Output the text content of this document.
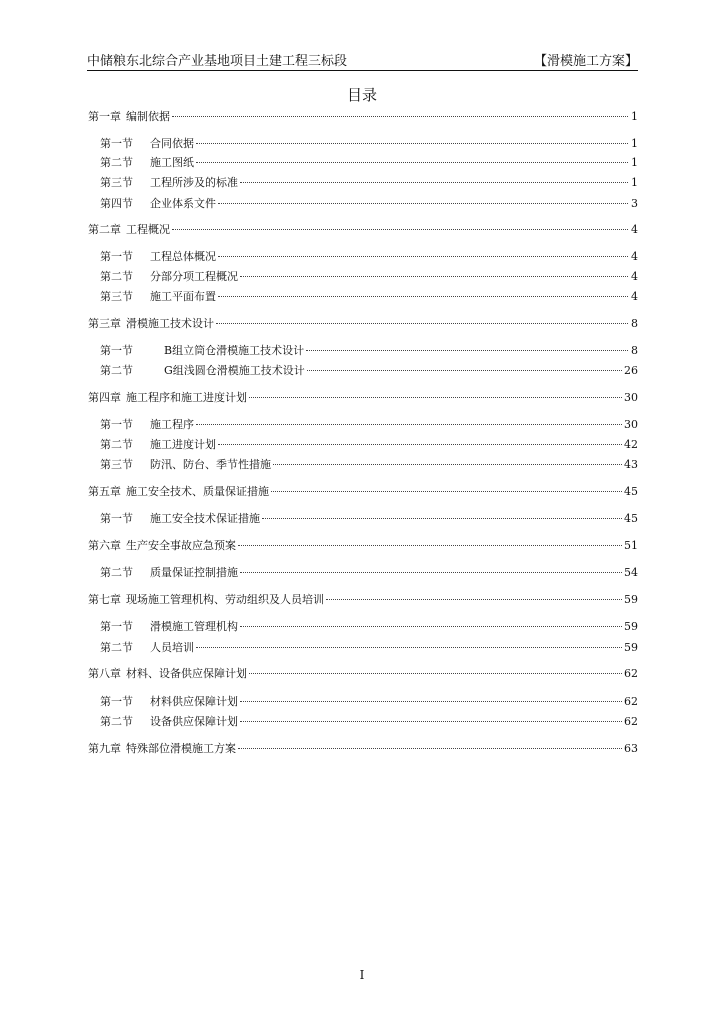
中储粮东北综合产业基地项目土建工程三标段	【滑模施工方案】
目录
第一章 编制依据	1
第一节	合同依据	1
第二节	施工图纸	1
第三节	工程所涉及的标准	1
第四节	企业体系文件	3
第二章 工程概况	4
第一节	工程总体概况	4
第二节	分部分项工程概况	4
第三节	施工平面布置	4
第三章 滑模施工技术设计	8
第一节	B组立筒仓滑模施工技术设计	8
第二节	G组浅圆仓滑模施工技术设计	26
第四章 施工程序和施工进度计划	30
第一节	施工程序	30
第二节	施工进度计划	42
第三节	防汛、防台、季节性措施	43
第五章 施工安全技术、质量保证措施	45
第一节	施工安全技术保证措施	45
第六章 生产安全事故应急预案	51
第二节	质量保证控制措施	54
第七章 现场施工管理机构、劳动组织及人员培训	59
第一节	滑模施工管理机构	59
第二节	人员培训	59
第八章 材料、设备供应保障计划	62
第一节	材料供应保障计划	62
第二节	设备供应保障计划	62
第九章 特殊部位滑模施工方案	63
I
